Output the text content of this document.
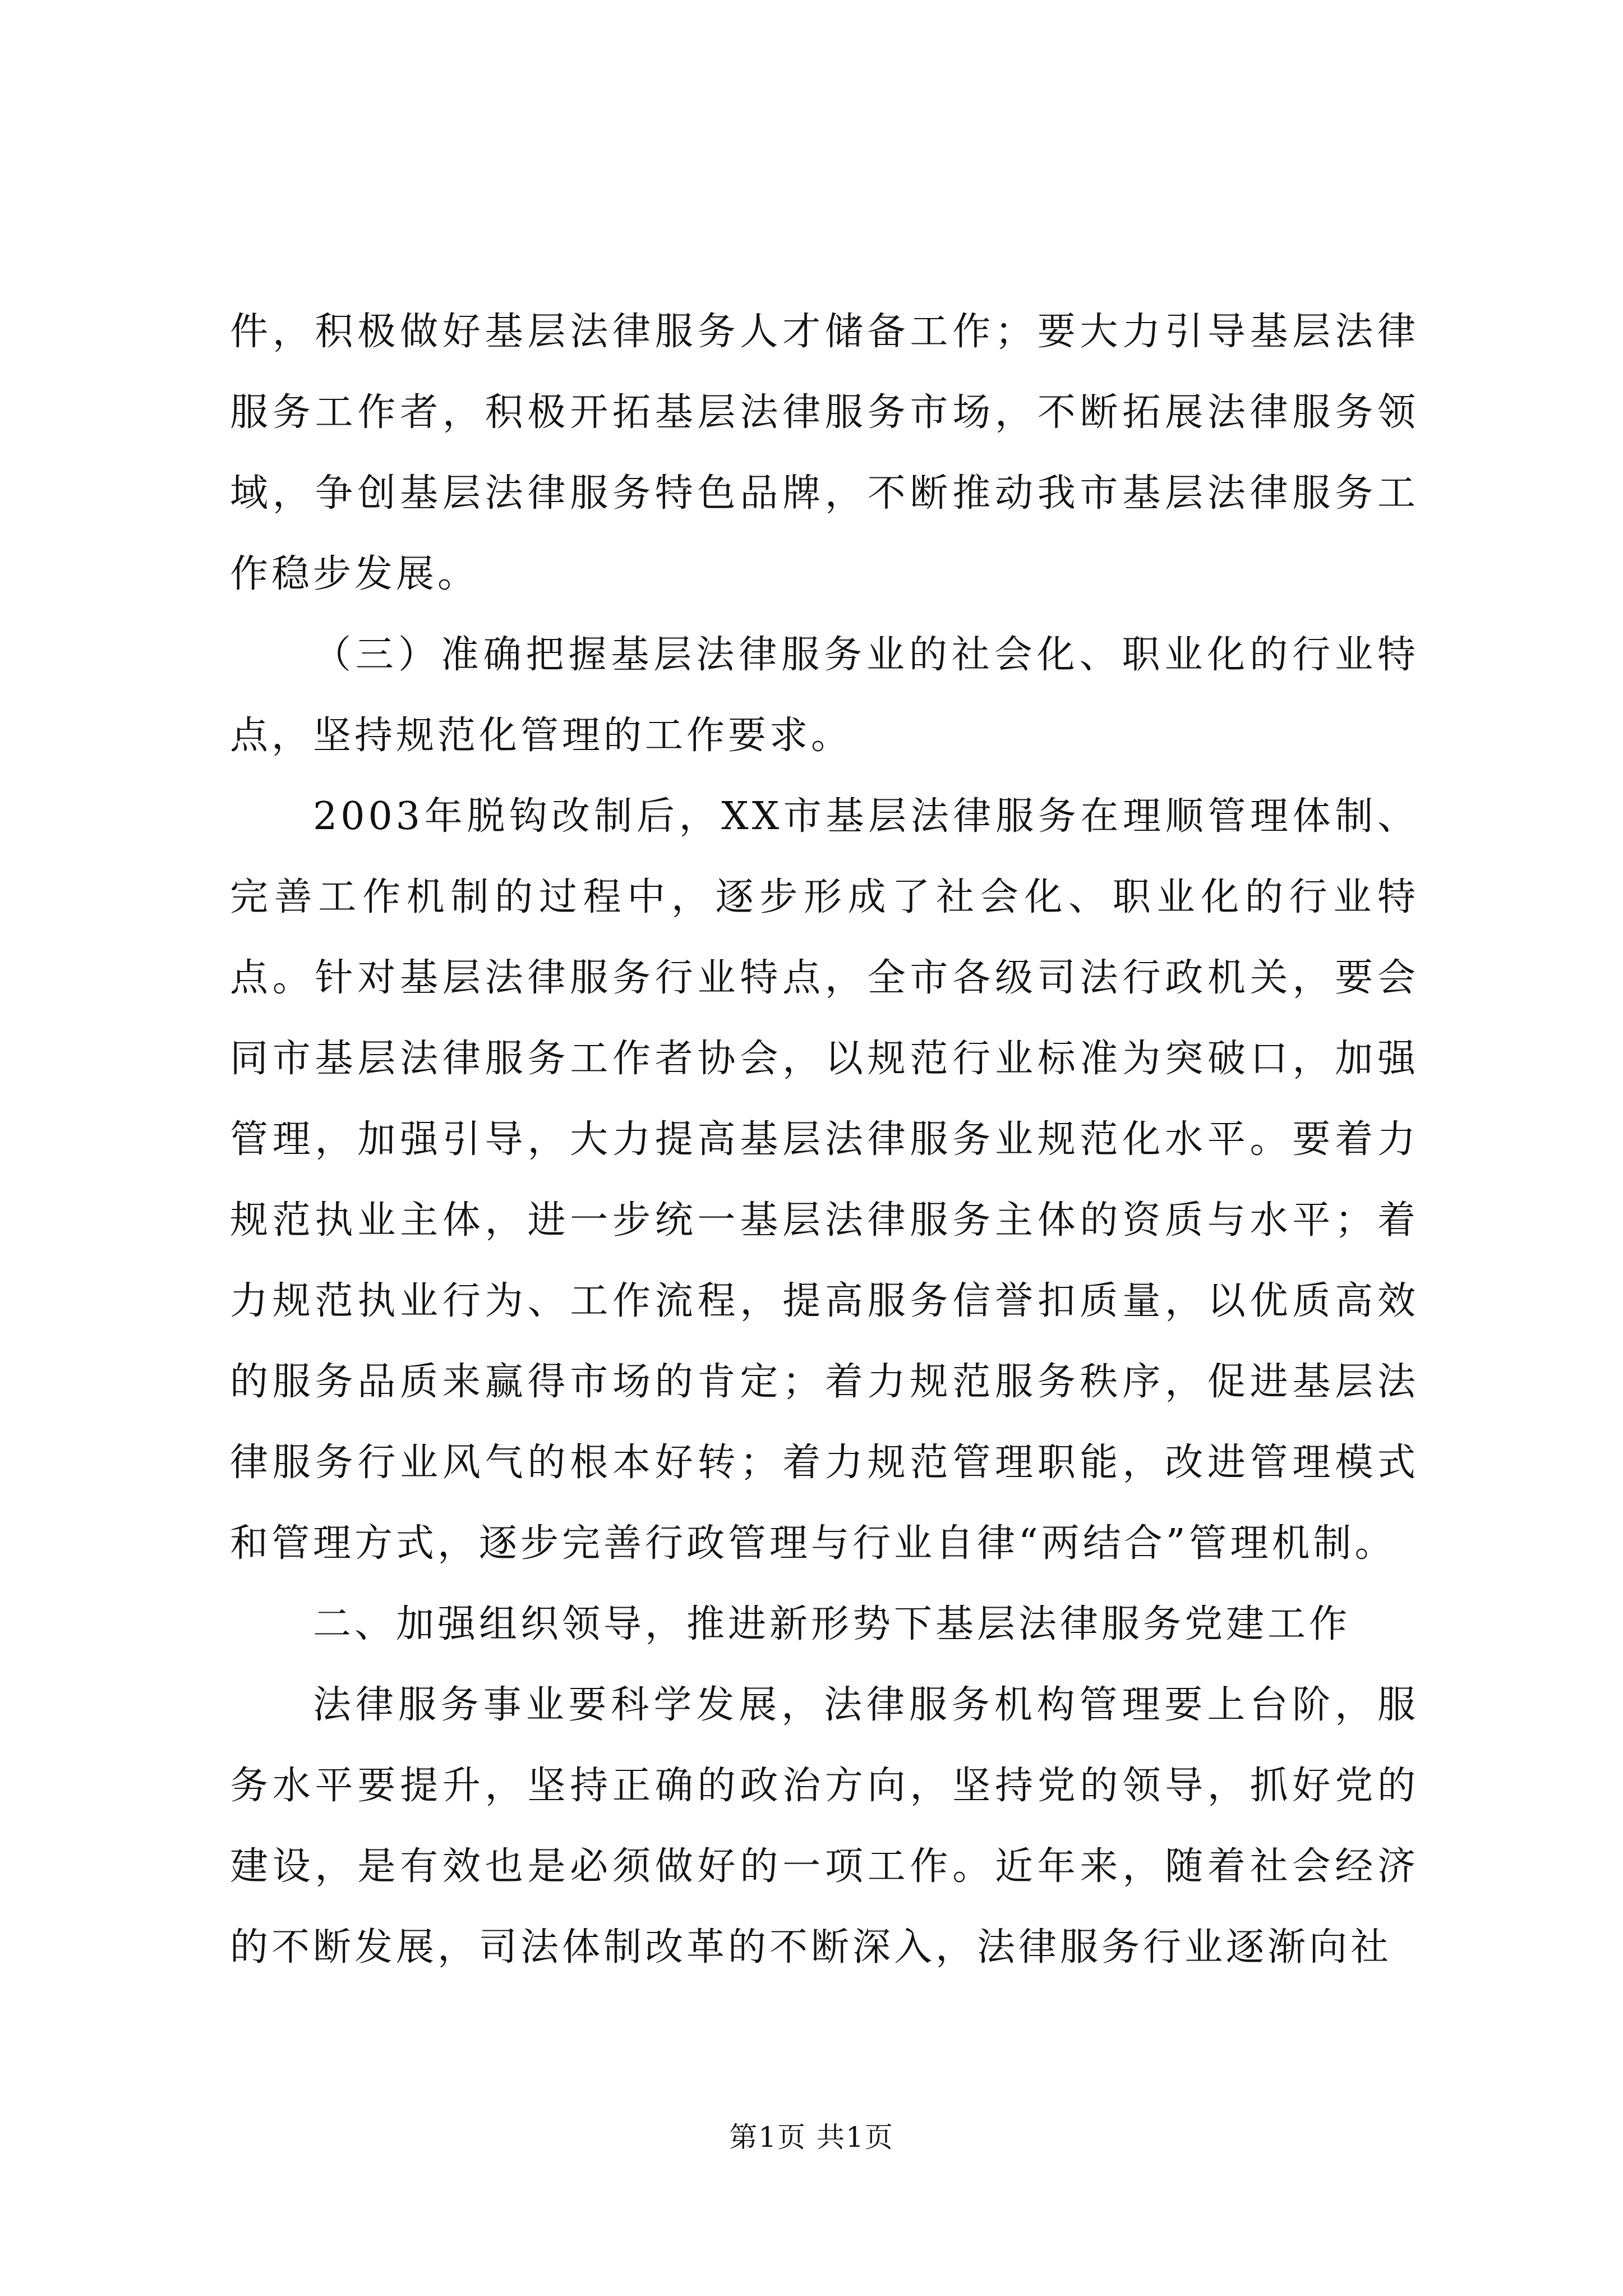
件，积极做好基层法律服务人才储备工作；要大力引导基层法律服务工作者，积极开拓基层法律服务市场，不断拓展法律服务领域，争创基层法律服务特色品牌，不断推动我市基层法律服务工作稳步发展。

（三）准确把握基层法律服务业的社会化、职业化的行业特点，坚持规范化管理的工作要求。

2003年脱钩改制后，XX市基层法律服务在理顺管理体制、完善工作机制的过程中，逐步形成了社会化、职业化的行业特点。针对基层法律服务行业特点，全市各级司法行政机关，要会同市基层法律服务工作者协会，以规范行业标准为突破口，加强管理，加强引导，大力提高基层法律服务业规范化水平。要着力规范执业主体，进一步统一基层法律服务主体的资质与水平；着力规范执业行为、工作流程，提高服务信誉扣质量，以优质高效的服务品质来赢得市场的肯定；着力规范服务秩序，促进基层法律服务行业风气的根本好转；着力规范管理职能，改进管理模式和管理方式，逐步完善行政管理与行业自律“两结合”管理机制。

二、加强组织领导，推进新形势下基层法律服务党建工作

法律服务事业要科学发展，法律服务机构管理要上台阶，服务水平要提升，坚持正确的政治方向，坚持党的领导，抓好党的建设，是有效也是必须做好的一项工作。近年来，随着社会经济的不断发展，司法体制改革的不断深入，法律服务行业逐渐向社

第1页 共1页
